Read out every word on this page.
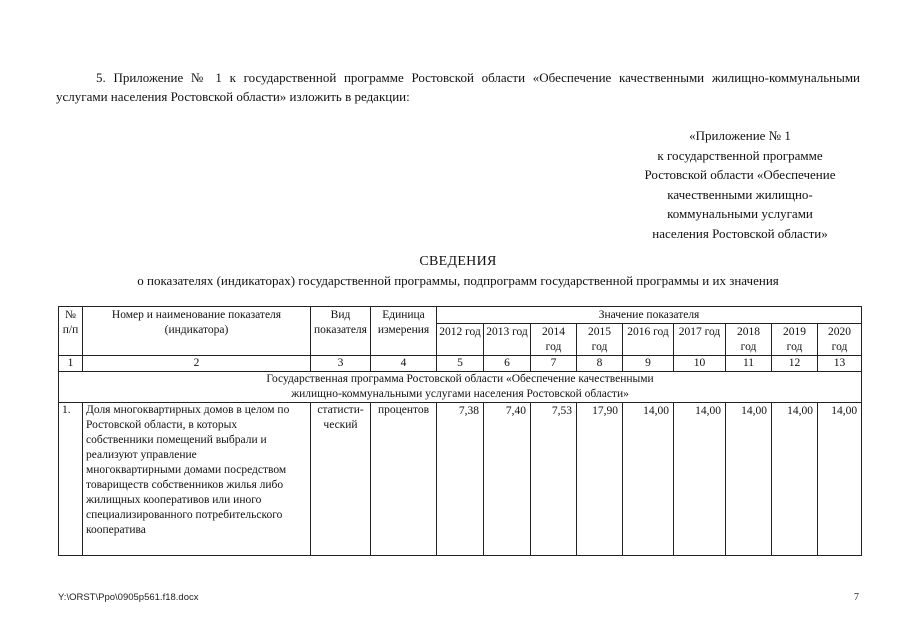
5. Приложение № 1 к государственной программе Ростовской области «Обеспечение качественными жилищно-коммунальными услугами населения Ростовской области» изложить в редакции:

«Приложение № 1
к государственной программе
Ростовской области «Обеспечение
качественными жилищно-
коммунальными услугами
населения Ростовской области»
СВЕДЕНИЯ
о показателях (индикаторах) государственной программы, подпрограмм государственной программы и их значения
№ п/п	Номер и наименование показателя (индикатора)	Вид показателя	Единица измерения	Значение показателя								
				2012 год	2013 год	2014 год	2015 год	2016 год	2017 год	2018 год	2019 год	2020 год
1	2	3	4	5	6	7	8	9	10	11	12	13

Государственная программа Ростовской области «Обеспечение качественными жилищно-коммунальными услугами населения Ростовской области»												

1.	Доля многоквартирных домов в целом по Ростовской области, в которых собственники помещений выбрали и реализуют управление многоквартирными домами посредством товариществ собственников жилья либо жилищных кооперативов или иного специализированного потребительского кооператива	статисти-ческий	процентов	7,38	7,40	7,53	17,90	14,00	14,00	14,00	14,00	14,00
Y:\ORST\Ppo\0905p561.f18.docx	7
